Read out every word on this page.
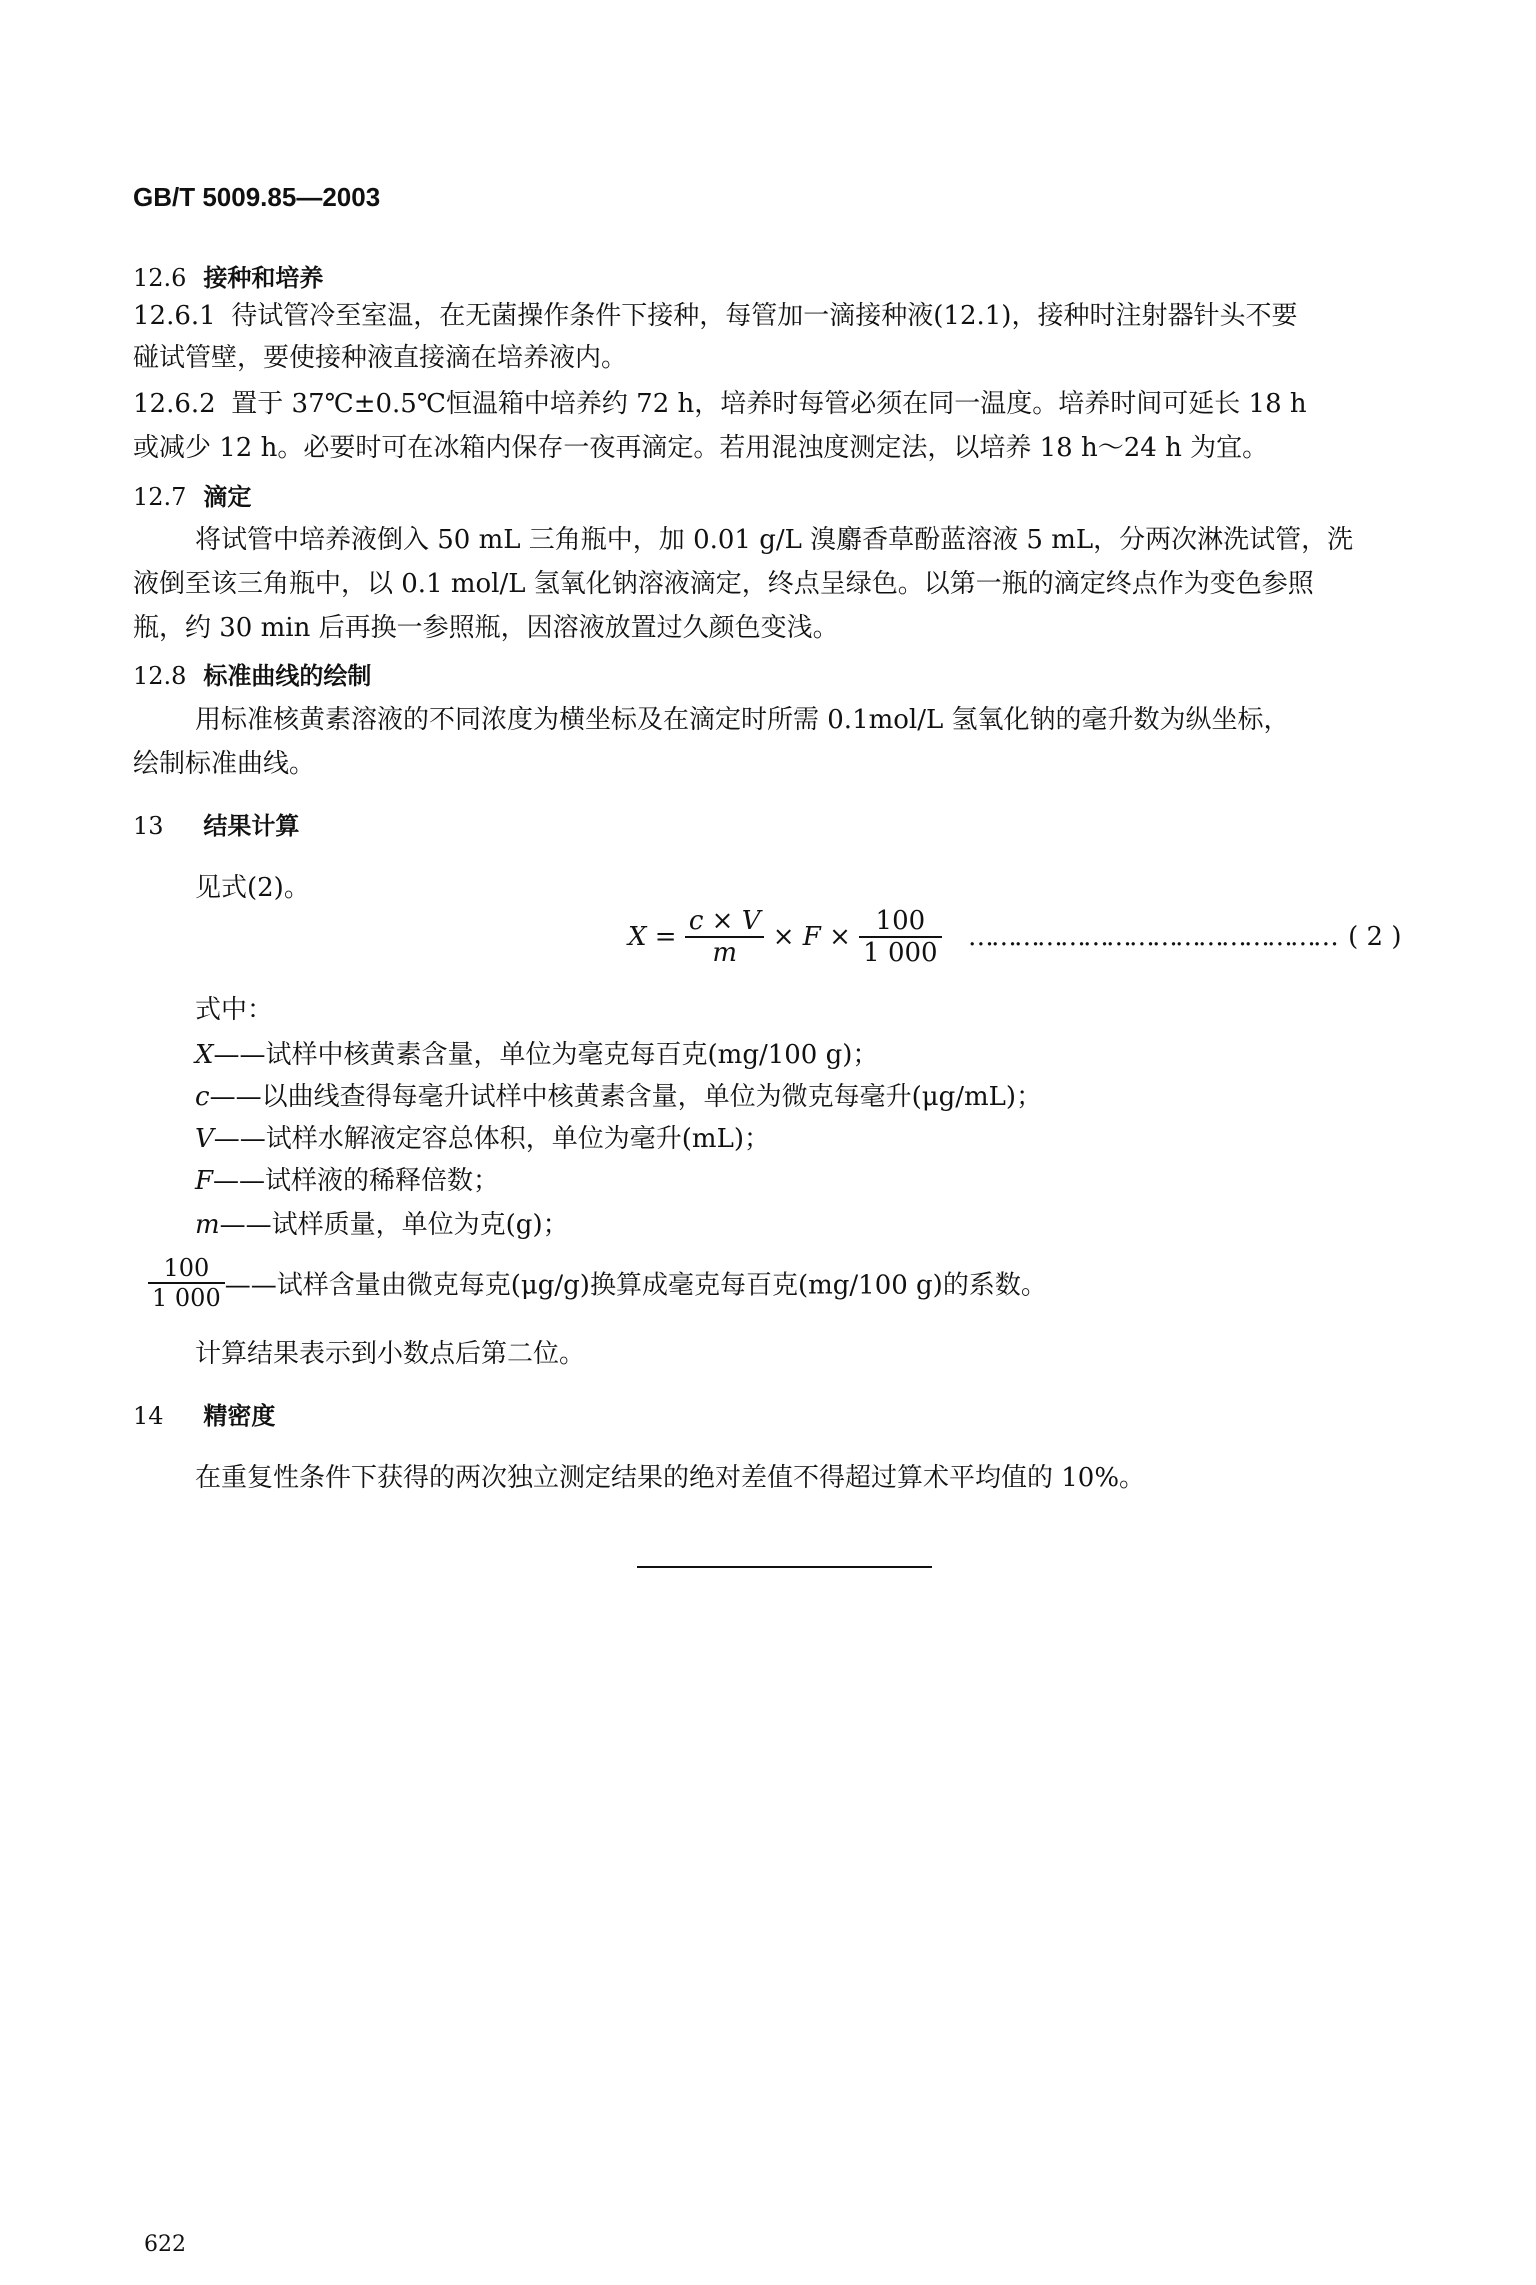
GB/T 5009.85—2003
12.6 接种和培养
12.6.1 待试管冷至室温，在无菌操作条件下接种，每管加一滴接种液(12.1)，接种时注射器针头不要
碰试管壁，要使接种液直接滴在培养液内。
12.6.2 置于 37℃±0.5℃恒温箱中培养约 72 h，培养时每管必须在同一温度。培养时间可延长 18 h
或减少 12 h。必要时可在冰箱内保存一夜再滴定。若用混浊度测定法，以培养 18 h～24 h 为宜。
12.7 滴定
将试管中培养液倒入 50 mL 三角瓶中，加 0.01 g/L 溴麝香草酚蓝溶液 5 mL，分两次淋洗试管，洗
液倒至该三角瓶中，以 0.1 mol/L 氢氧化钠溶液滴定，终点呈绿色。以第一瓶的滴定终点作为变色参照
瓶，约 30 min 后再换一参照瓶，因溶液放置过久颜色变浅。
12.8 标准曲线的绘制
用标准核黄素溶液的不同浓度为横坐标及在滴定时所需 0.1mol/L 氢氧化钠的毫升数为纵坐标，
绘制标准曲线。
13 结果计算
见式(2)。
$X = \frac{c \times V}{m} \times F \times \frac{100}{1 000}$ ………………………………………… ( 2 )
式中：
X——试样中核黄素含量，单位为毫克每百克(mg/100 g)；
c——以曲线查得每毫升试样中核黄素含量，单位为微克每毫升(μg/mL)；
V——试样水解液定容总体积，单位为毫升(mL)；
F——试样液的稀释倍数；
m——试样质量，单位为克(g)；
$\frac{100}{1 000}$ ——试样含量由微克每克(μg/g)换算成毫克每百克(mg/100 g)的系数。
计算结果表示到小数点后第二位。
14 精密度
在重复性条件下获得的两次独立测定结果的绝对差值不得超过算术平均值的 10%。
622
